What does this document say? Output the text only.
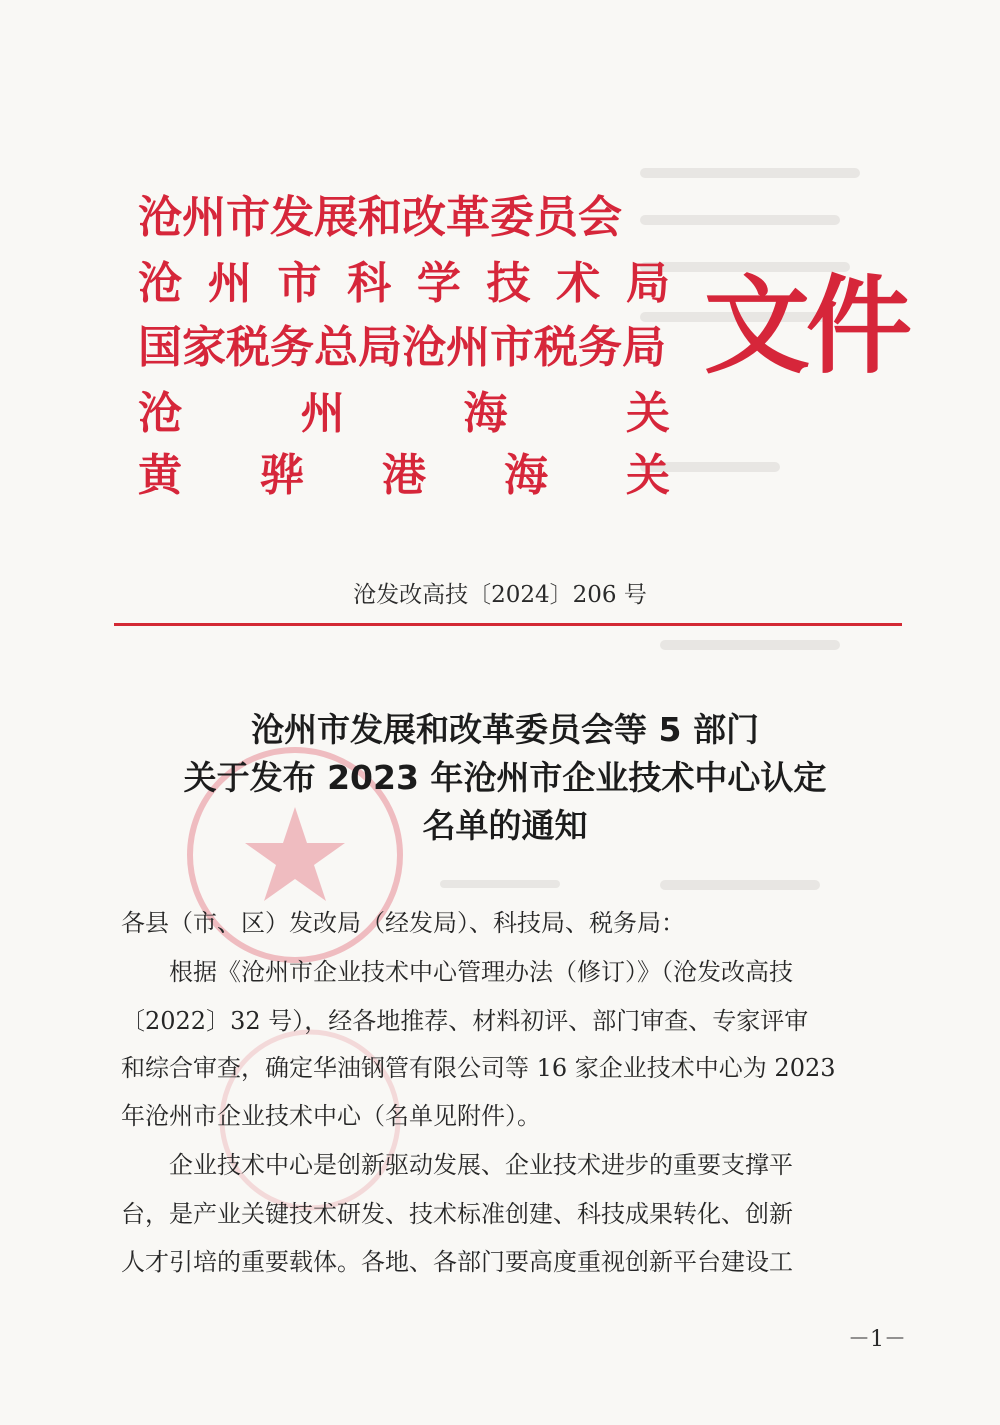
沧州市发展和改革委员会
沧 州 市 科 学 技 术 局
国家税务总局沧州市税务局
沧	州	海	关
黄 骅 港 海 关
文件
沧发改高技〔2024〕206 号
沧州市发展和改革委员会等 5 部门
关于发布 2023 年沧州市企业技术中心认定
名单的通知
各县（市、区）发改局（经发局）、科技局、税务局：
　　根据《沧州市企业技术中心管理办法（修订）》（沧发改高技
〔2022〕32 号），经各地推荐、材料初评、部门审查、专家评审
和综合审查，确定华油钢管有限公司等 16 家企业技术中心为 2023
年沧州市企业技术中心（名单见附件）。
　　企业技术中心是创新驱动发展、企业技术进步的重要支撑平
台，是产业关键技术研发、技术标准创建、科技成果转化、创新
人才引培的重要载体。各地、各部门要高度重视创新平台建设工
－1－
